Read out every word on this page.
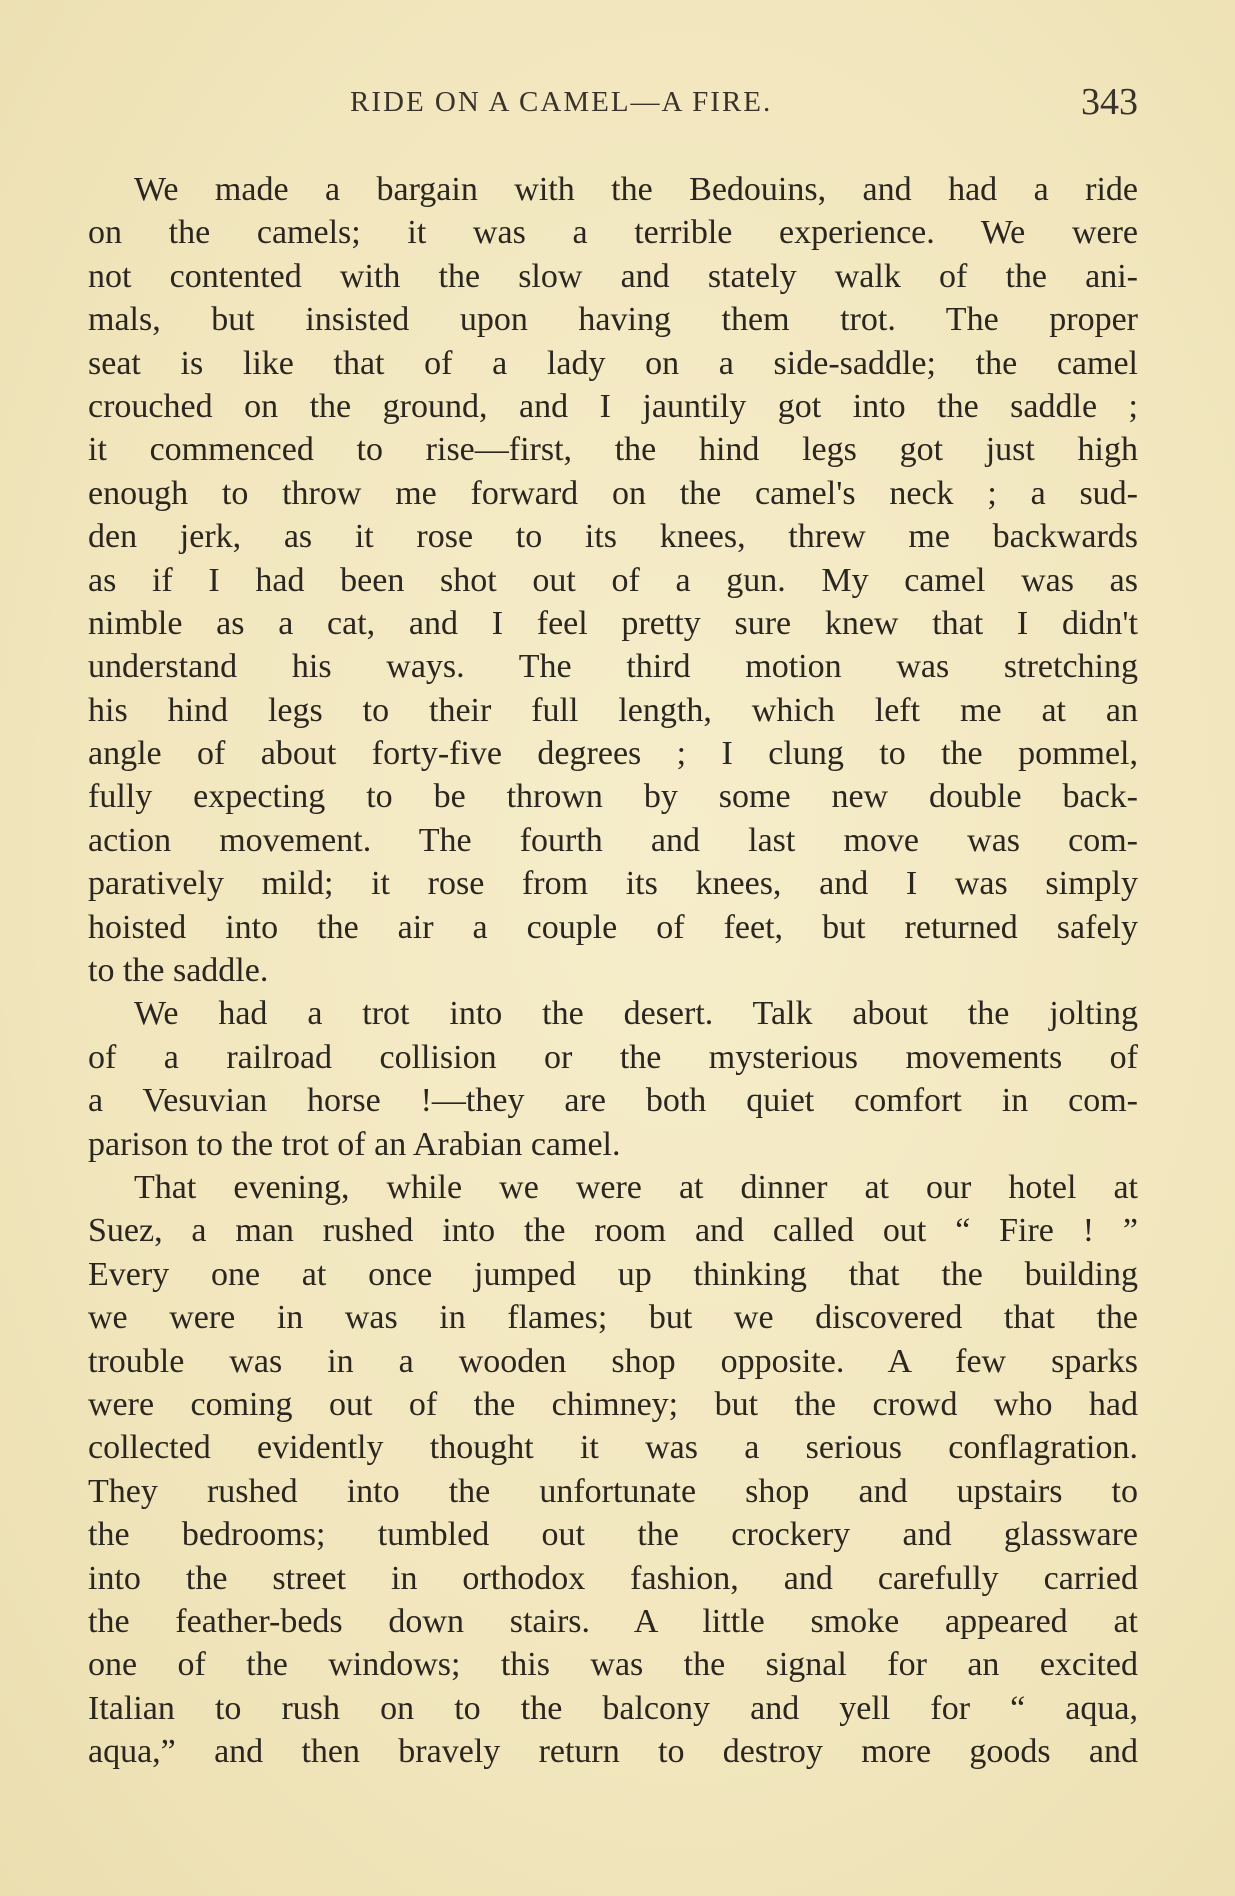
RIDE ON A CAMEL—A FIRE.	343
We made a bargain with the Bedouins, and had a ride
on the camels; it was a terrible experience. We were
not contented with the slow and stately walk of the ani-
mals, but insisted upon having them trot. The proper
seat is like that of a lady on a side-saddle; the camel
crouched on the ground, and I jauntily got into the saddle ;
it commenced to rise—first, the hind legs got just high
enough to throw me forward on the camel's neck ; a sud-
den jerk, as it rose to its knees, threw me backwards
as if I had been shot out of a gun. My camel was as
nimble as a cat, and I feel pretty sure knew that I didn't
understand his ways. The third motion was stretching
his hind legs to their full length, which left me at an
angle of about forty-five degrees ; I clung to the pommel,
fully expecting to be thrown by some new double back-
action movement. The fourth and last move was com-
paratively mild; it rose from its knees, and I was simply
hoisted into the air a couple of feet, but returned safely
to the saddle.
We had a trot into the desert. Talk about the jolting
of a railroad collision or the mysterious movements of
a Vesuvian horse !—they are both quiet comfort in com-
parison to the trot of an Arabian camel.
That evening, while we were at dinner at our hotel at
Suez, a man rushed into the room and called out “ Fire ! ”
Every one at once jumped up thinking that the building
we were in was in flames; but we discovered that the
trouble was in a wooden shop opposite. A few sparks
were coming out of the chimney; but the crowd who had
collected evidently thought it was a serious conflagration.
They rushed into the unfortunate shop and upstairs to
the bedrooms; tumbled out the crockery and glassware
into the street in orthodox fashion, and carefully carried
the feather-beds down stairs. A little smoke appeared at
one of the windows; this was the signal for an excited
Italian to rush on to the balcony and yell for “ aqua,
aqua,” and then bravely return to destroy more goods and
